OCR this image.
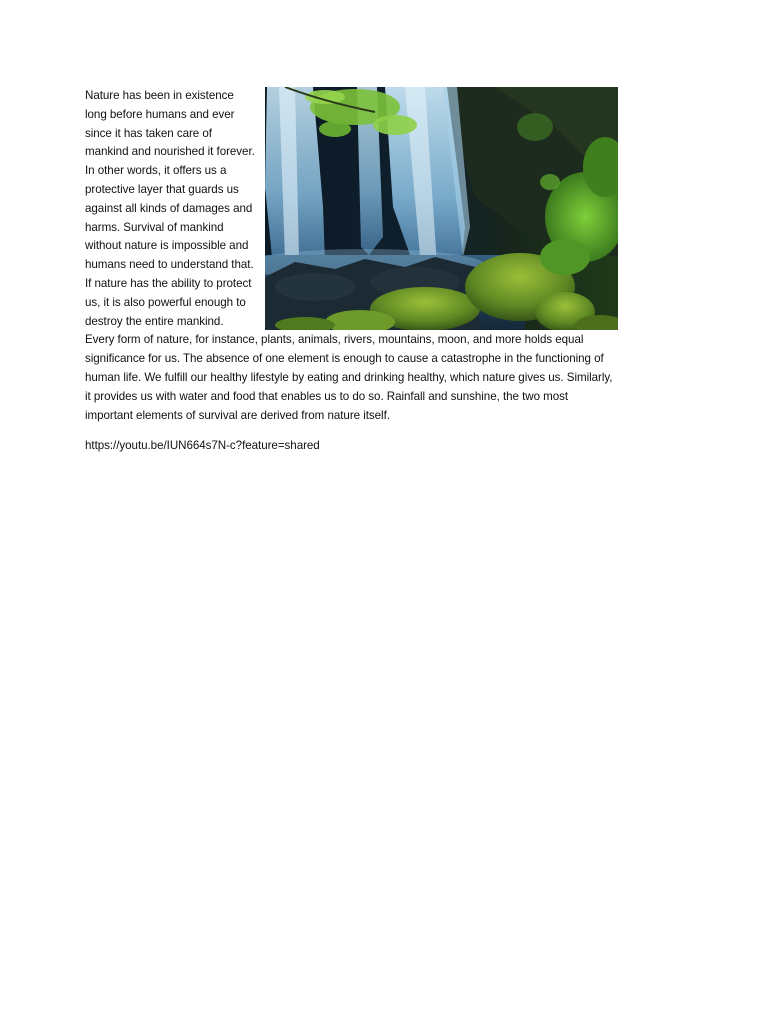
Nature has been in existence long before humans and ever since it has taken care of mankind and nourished it forever. In other words, it offers us a protective layer that guards us against all kinds of damages and harms. Survival of mankind without nature is impossible and humans need to understand that. If nature has the ability to protect us, it is also powerful enough to destroy the entire mankind. Every form of nature, for instance, plants, animals, rivers, mountains, moon, and more holds equal significance for us. The absence of one element is enough to cause a catastrophe in the functioning of human life. We fulfill our healthy lifestyle by eating and drinking healthy, which nature gives us. Similarly, it provides us with water and food that enables us to do so. Rainfall and sunshine, the two most important elements of survival are derived from nature itself.

https://youtu.be/IUN664s7N-c?feature=shared
